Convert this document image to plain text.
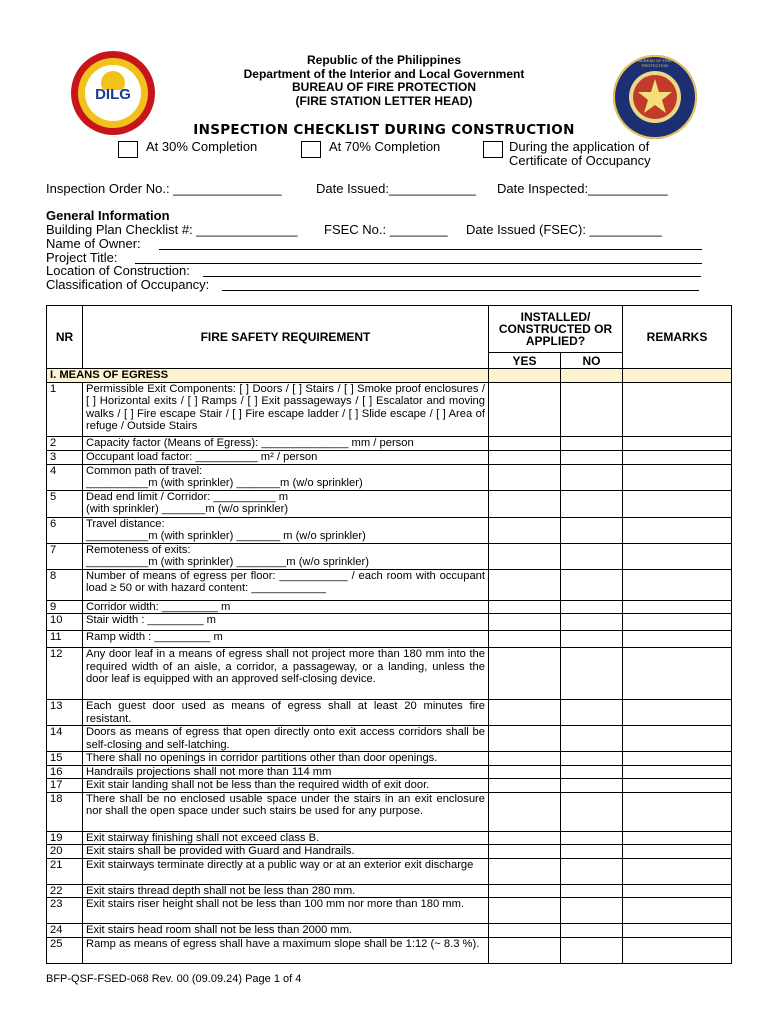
DILG
BUREAU OF FIRE PROTECTION
Republic of the Philippines
Department of the Interior and Local Government
BUREAU OF FIRE PROTECTION
(FIRE STATION LETTER HEAD)
INSPECTION CHECKLIST DURING CONSTRUCTION
At 30% Completion	At 70% Completion	During the application of
Certificate of Occupancy
Inspection Order No.: _______________	Date Issued:____________ Date Inspected:___________
General Information
Building Plan Checklist #: ______________ FSEC No.: ________ Date Issued (FSEC): __________
Name of Owner:
Project Title:
Location of Construction:
Classification of Occupancy:
NR	FIRE SAFETY REQUIREMENT	INSTALLED/ CONSTRUCTED OR APPLIED?		REMARKS
		YES	NO	
I. MEANS OF EGRESS				
1	Permissible Exit Components: [ ] Doors / [ ] Stairs / [ ] Smoke proof enclosures / [ ] Horizontal exits / [ ] Ramps / [ ] Exit passageways / [ ] Escalator and moving walks / [ ] Fire escape Stair / [ ] Fire escape ladder / [ ] Slide escape / [ ] Area of refuge / Outside Stairs			
2	Capacity factor (Means of Egress): ______________ mm / person			
3	Occupant load factor: __________ m² / person			
4	Common path of travel:
__________m (with sprinkler) _______m (w/o sprinkler)			
5	Dead end limit / Corridor: __________ m
(with sprinkler) _______m (w/o sprinkler)			
6	Travel distance:
__________m (with sprinkler) _______ m (w/o sprinkler)			
7	Remoteness of exits:
__________m (with sprinkler) ________m (w/o sprinkler)			
8	Number of means of egress per floor: ___________ / each room with occupant load ≥ 50 or with hazard content: ____________			
9	Corridor width: _________ m			
10	Stair width : _________ m			
11	Ramp width : _________ m			
12	Any door leaf in a means of egress shall not project more than 180 mm into the required width of an aisle, a corridor, a passageway, or a landing, unless the door leaf is equipped with an approved self-closing device.			
13	Each guest door used as means of egress shall at least 20 minutes fire resistant.			
14	Doors as means of egress that open directly onto exit access corridors shall be self-closing and self-latching.			
15	There shall no openings in corridor partitions other than door openings.			
16	Handrails projections shall not more than 114 mm			
17	Exit stair landing shall not be less than the required width of exit door.			
18	There shall be no enclosed usable space under the stairs in an exit enclosure nor shall the open space under such stairs be used for any purpose.			
19	Exit stairway finishing shall not exceed class B.			
20	Exit stairs shall be provided with Guard and Handrails.			
21	Exit stairways terminate directly at a public way or at an exterior exit discharge			
22	Exit stairs thread depth shall not be less than 280 mm.			
23	Exit stairs riser height shall not be less than 100 mm nor more than 180 mm.			
24	Exit stairs head room shall not be less than 2000 mm.			
25	Ramp as means of egress shall have a maximum slope shall be 1:12 (~ 8.3 %).			
BFP-QSF-FSED-068 Rev. 00 (09.09.24) Page 1 of 4
